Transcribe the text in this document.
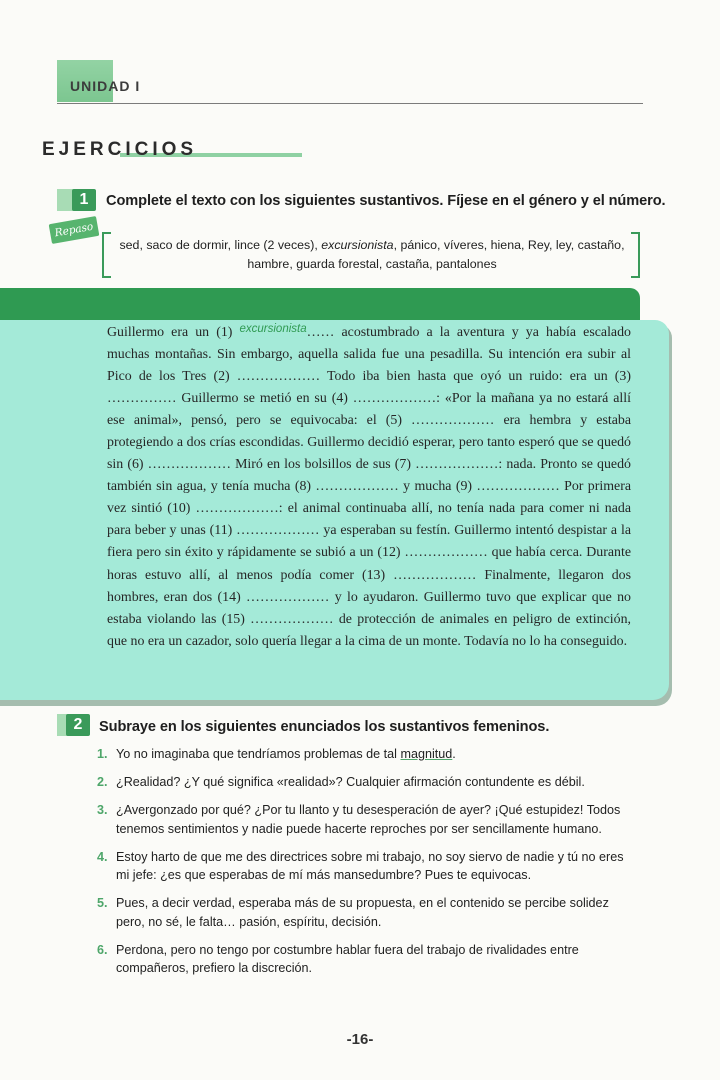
UNIDAD I
EJERCICIOS
1	Complete el texto con los siguientes sustantivos. Fíjese en el género y el número.
Repaso
sed, saco de dormir, lince (2 veces), excursionista, pánico, víveres, hiena, Rey, ley, castaño, hambre, guarda forestal, castaña, pantalones

Guillermo era un (1) $^{excursionista}$…… acostumbrado a la aventura y ya había escalado muchas montañas. Sin embargo, aquella salida fue una pesadilla. Su intención era subir al Pico de los Tres (2) ……………… Todo iba bien hasta que oyó un ruido: era un (3) …………… Guillermo se metió en su (4) ………………: «Por la mañana ya no estará allí ese animal», pensó, pero se equivocaba: el (5) ……………… era hembra y estaba protegiendo a dos crías escondidas. Guillermo decidió esperar, pero tanto esperó que se quedó sin (6) ……………… Miró en los bolsillos de sus (7) ………………: nada. Pronto se quedó también sin agua, y tenía mucha (8) ……………… y mucha (9) ……………… Por primera vez sintió (10) ………………: el animal continuaba allí, no tenía nada para comer ni nada para beber y unas (11) ……………… ya esperaban su festín. Guillermo intentó despistar a la fiera pero sin éxito y rápidamente se subió a un (12) ……………… que había cerca. Durante horas estuvo allí, al menos podía comer (13) ……………… Finalmente, llegaron dos hombres, eran dos (14) ……………… y lo ayudaron. Guillermo tuvo que explicar que no estaba violando las (15) ……………… de protección de animales en peligro de extinción, que no era un cazador, solo quería llegar a la cima de un monte. Todavía no lo ha conseguido.

2	Subraye en los siguientes enunciados los sustantivos femeninos.
1. Yo no imaginaba que tendríamos problemas de tal magnitud.
2. ¿Realidad? ¿Y qué significa «realidad»? Cualquier afirmación contundente es débil.
3. ¿Avergonzado por qué? ¿Por tu llanto y tu desesperación de ayer? ¡Qué estupidez! Todos tenemos sentimientos y nadie puede hacerte reproches por ser sencillamente humano.
4. Estoy harto de que me des directrices sobre mi trabajo, no soy siervo de nadie y tú no eres mi jefe: ¿es que esperabas de mí más mansedumbre? Pues te equivocas.
5. Pues, a decir verdad, esperaba más de su propuesta, en el contenido se percibe solidez pero, no sé, le falta… pasión, espíritu, decisión.
6. Perdona, pero no tengo por costumbre hablar fuera del trabajo de rivalidades entre compañeros, prefiero la discreción.
-16-
